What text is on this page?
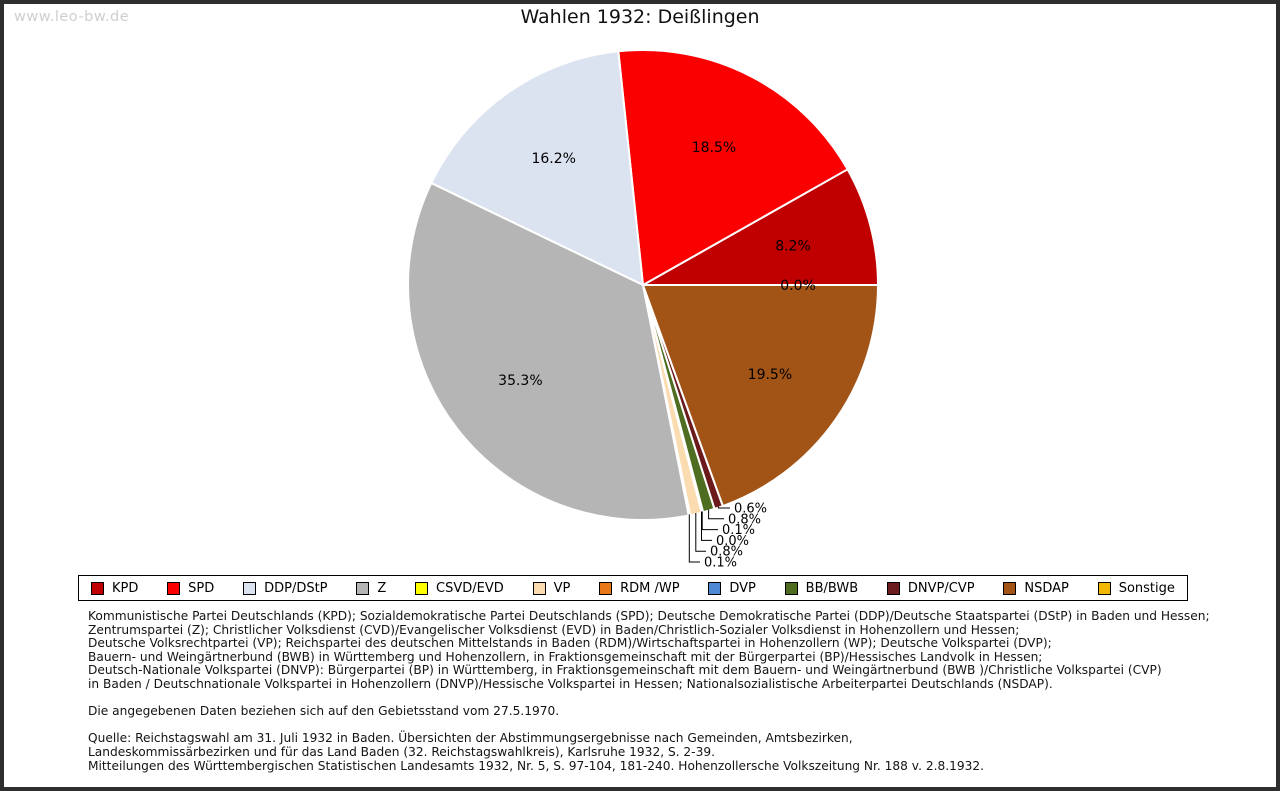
www.leo-bw.de	Wahlen 1932: Deißlingen
8.2%
18.5%
16.2%
35.3%
0.1%
0.8%
0.0%
0.1%
0.8%
0.6%
19.5%
0.0%
KPD	SPD	DDP/DStP	Z	CSVD/EVD	VP	RDM /WP	DVP	BB/BWB	DNVP/CVP	NSDAP	Sonstige
Kommunistische Partei Deutschlands (KPD); Sozialdemokratische Partei Deutschlands (SPD); Deutsche Demokratische Partei (DDP)/Deutsche Staatspartei (DStP) in Baden und Hessen;
Zentrumspartei (Z); Christlicher Volksdienst (CVD)/Evangelischer Volksdienst (EVD) in Baden/Christlich-Sozialer Volksdienst in Hohenzollern und Hessen;
Deutsche Volksrechtpartei (VP); Reichspartei des deutschen Mittelstands in Baden (RDM)/Wirtschaftspartei in Hohenzollern (WP); Deutsche Volkspartei (DVP);
Bauern- und Weingärtnerbund (BWB) in Württemberg und Hohenzollern, in Fraktionsgemeinschaft mit der Bürgerpartei (BP)/Hessisches Landvolk in Hessen;
Deutsch-Nationale Volkspartei (DNVP): Bürgerpartei (BP) in Württemberg, in Fraktionsgemeinschaft mit dem Bauern- und Weingärtnerbund (BWB )/Christliche Volkspartei (CVP)
in Baden / Deutschnationale Volkspartei in Hohenzollern (DNVP)/Hessische Volkspartei in Hessen; Nationalsozialistische Arbeiterpartei Deutschlands (NSDAP).
Die angegebenen Daten beziehen sich auf den Gebietsstand vom 27.5.1970.
Quelle: Reichstagswahl am 31. Juli 1932 in Baden. Übersichten der Abstimmungsergebnisse nach Gemeinden, Amtsbezirken,
Landeskommissärbezirken und für das Land Baden (32. Reichstagswahlkreis), Karlsruhe 1932, S. 2-39.
Mitteilungen des Württembergischen Statistischen Landesamts 1932, Nr. 5, S. 97-104, 181-240. Hohenzollersche Volkszeitung Nr. 188 v. 2.8.1932.
